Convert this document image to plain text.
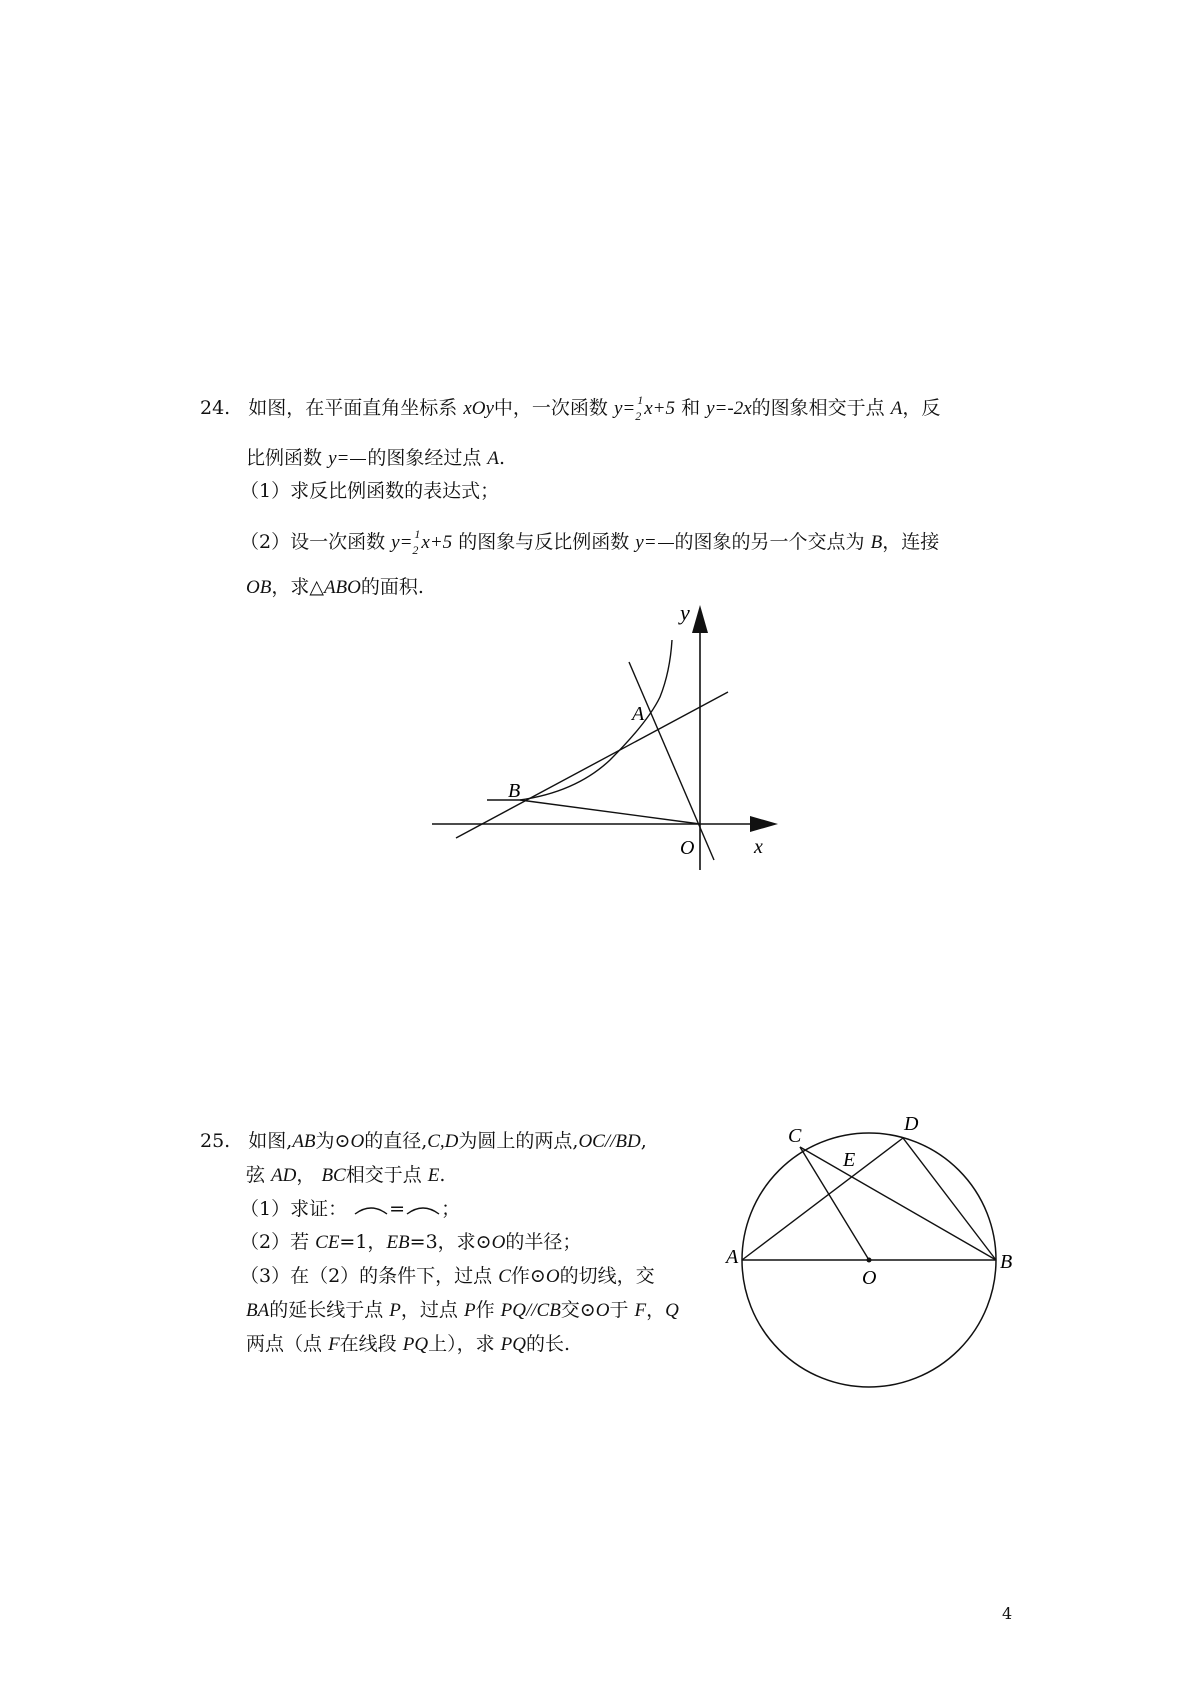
24. 如图，在平面直角坐标系 xOy中，一次函数 y= 1
2 x+5 和 y=-2x的图象相交于点 A，反
比例函数 y= 的图象经过点 A.
（1）求反比例函数的表达式；
（2）设一次函数 y= 1
2 x+5 的图象与反比例函数 y= 的图象的另一个交点为 B，连接
OB，求△ABO的面积.
y
x
A
B
O
25. 如图,AB为⊙O的直径,C,D为圆上的两点,OC//BD,
弦 AD， BC相交于点 E.
（1）求证： = ；
（2）若 CE=1，EB=3，求⊙O的半径；
（3）在（2）的条件下，过点 C作⊙O的切线，交
BA的延长线于点 P，过点 P作 PQ//CB交⊙O于 F，Q
两点（点 F在线段 PQ上），求 PQ的长.
A	B
C
D
E
O
4
